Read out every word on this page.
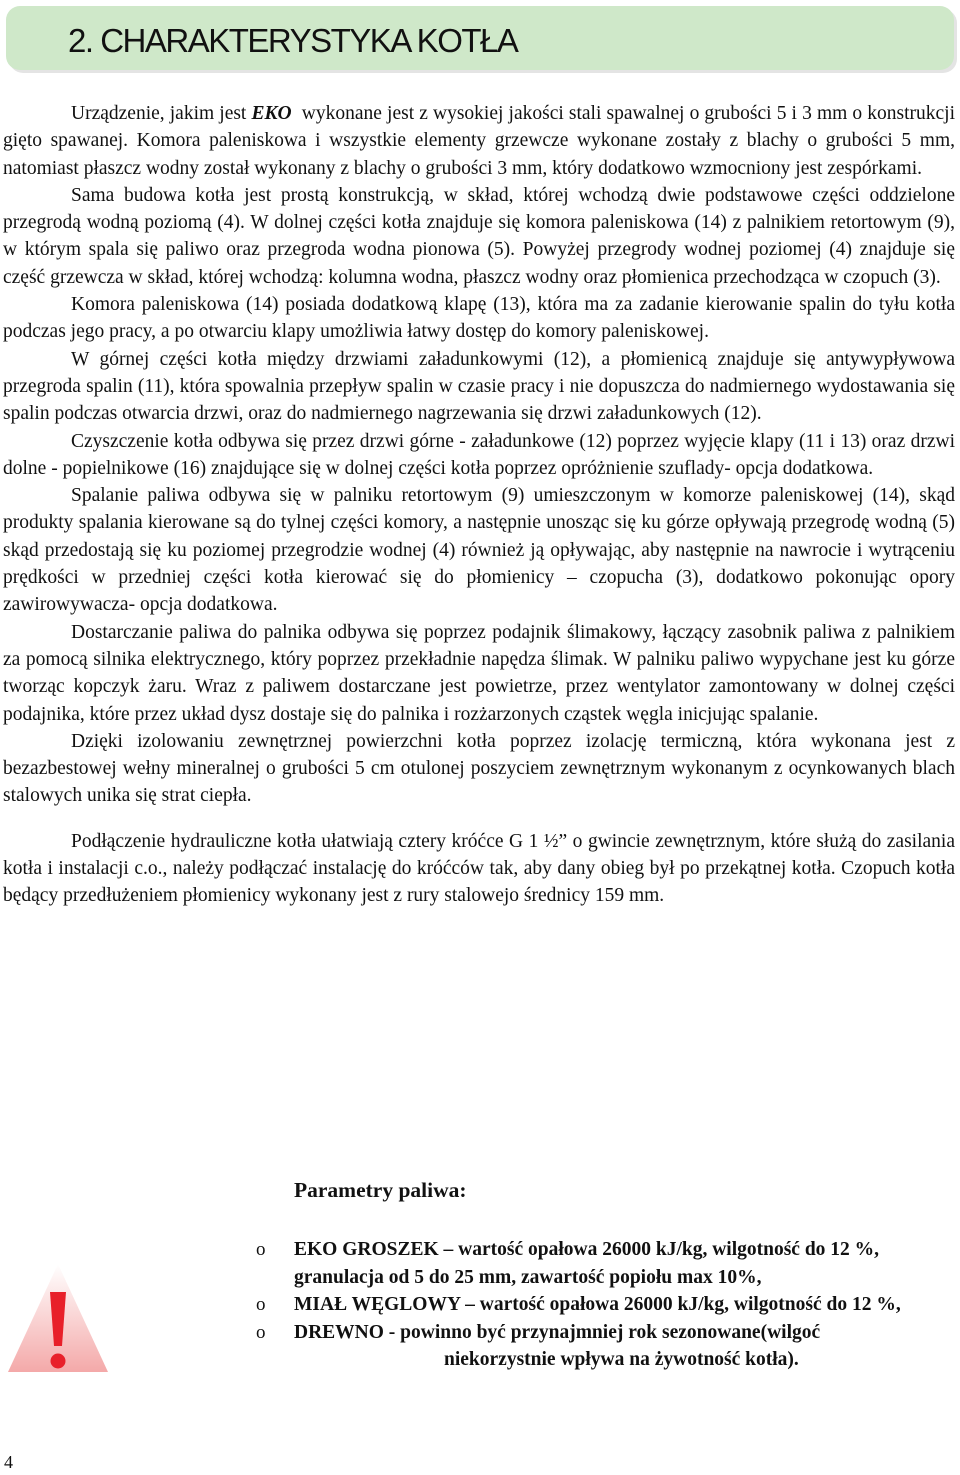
2. CHARAKTERYSTYKA KOTŁA

Urządzenie, jakim jest EKO  wykonane jest z wysokiej jakości stali spawalnej o grubości 5 i 3 mm o konstrukcji gięto spawanej. Komora paleniskowa i wszystkie elementy grzewcze wykonane zostały z blachy o grubości 5 mm, natomiast płaszcz wodny został wykonany z blachy o grubości 3 mm, który dodatkowo wzmocniony jest zespórkami.

Sama budowa kotła jest prostą konstrukcją, w skład, której wchodzą dwie podstawowe części oddzielone przegrodą wodną poziomą (4). W dolnej części kotła znajduje się komora paleniskowa (14) z palnikiem retortowym (9), w którym spala się paliwo oraz przegroda wodna pionowa (5). Powyżej przegrody wodnej poziomej (4) znajduje się część grzewcza w skład, której wchodzą: kolumna wodna, płaszcz wodny oraz płomienica przechodząca w czopuch (3).

Komora paleniskowa (14) posiada dodatkową klapę (13), która ma za zadanie kierowanie spalin do tyłu kotła podczas jego pracy, a po otwarciu klapy umożliwia łatwy dostęp do komory paleniskowej.

W górnej części kotła między drzwiami załadunkowymi (12), a płomienicą znajduje się antywypływowa przegroda spalin (11), która spowalnia przepływ spalin w czasie pracy i nie dopuszcza do nadmiernego wydostawania się spalin podczas otwarcia drzwi, oraz do nadmiernego nagrzewania się drzwi załadunkowych (12).

Czyszczenie kotła odbywa się przez drzwi górne - załadunkowe (12) poprzez wyjęcie klapy (11 i 13) oraz drzwi dolne - popielnikowe (16) znajdujące się w dolnej części kotła poprzez opróżnienie szuflady- opcja dodatkowa.

Spalanie paliwa odbywa się w palniku retortowym (9) umieszczonym w komorze paleniskowej (14), skąd produkty spalania kierowane są do tylnej części komory, a następnie unosząc się ku górze opływają przegrodę wodną (5) skąd przedostają się ku poziomej przegrodzie wodnej (4) również ją opływając, aby następnie na nawrocie i wytrąceniu prędkości w przedniej części kotła kierować się do płomienicy – czopucha (3), dodatkowo pokonując opory zawirowywacza- opcja dodatkowa.

Dostarczanie paliwa do palnika odbywa się poprzez podajnik ślimakowy, łączący zasobnik paliwa z palnikiem za pomocą silnika elektrycznego, który poprzez przekładnie napędza ślimak. W palniku paliwo wypychane jest ku górze tworząc kopczyk żaru. Wraz z paliwem dostarczane jest powietrze, przez wentylator zamontowany w dolnej części podajnika, które przez układ dysz dostaje się do palnika i rozżarzonych cząstek węgla inicjując spalanie.

Dzięki izolowaniu zewnętrznej powierzchni kotła poprzez izolację termiczną, która wykonana jest z bezazbestowej wełny mineralnej o grubości 5 cm otulonej poszyciem zewnętrznym wykonanym z ocynkowanych blach stalowych unika się strat ciepła.

Podłączenie hydrauliczne kotła ułatwiają cztery króćce G 1 ½” o gwincie zewnętrznym, które służą do zasilania kotła i instalacji c.o., należy podłączać instalację do króćców tak, aby dany obieg był po przekątnej kotła. Czopuch kotła będący przedłużeniem płomienicy wykonany jest z rury stalowejo średnicy 159 mm.

Parametry paliwa:
o EKO GROSZEK – wartość opałowa 26000 kJ/kg, wilgotność do 12 %, granulacja od 5 do 25 mm, zawartość popiołu max 10%,
o MIAŁ WĘGLOWY – wartość opałowa 26000 kJ/kg, wilgotność do 12 %,
o DREWNO - powinno być przynajmniej rok sezonowane(wilgoć
niekorzystnie wpływa na żywotność kotła).
4
